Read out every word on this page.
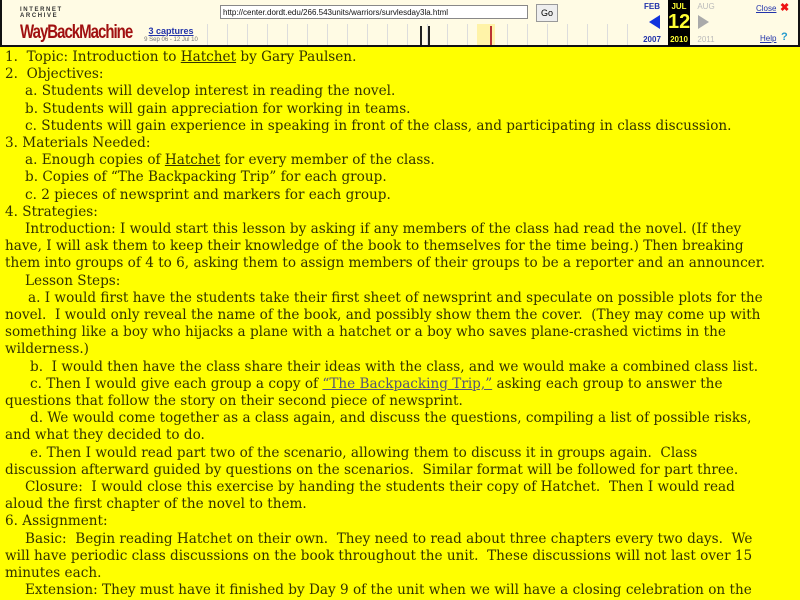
INTERNET ARCHIVE
WayBackMachine	3 captures
9 Sep 06 - 12 Jul 10
http://center.dordt.edu/266.543units/warriors/survlesday3la.html	Go
FEB
2007
JUL
12
2010
AUG
2011
Close ✖
Help ?
1.  Topic: Introduction to Hatchet by Gary Paulsen.
2.  Objectives:
a. Students will develop interest in reading the novel.
b. Students will gain appreciation for working in teams.
c. Students will gain experience in speaking in front of the class, and participating in class discussion.
3. Materials Needed:
a. Enough copies of Hatchet for every member of the class.
b. Copies of “The Backpacking Trip” for each group.
c. 2 pieces of newsprint and markers for each group.
4. Strategies:
Introduction: I would start this lesson by asking if any members of the class had read the novel. (If they
have, I will ask them to keep their knowledge of the book to themselves for the time being.) Then breaking
them into groups of 4 to 6, asking them to assign members of their groups to be a reporter and an announcer.
Lesson Steps:
a. I would first have the students take their first sheet of newsprint and speculate on possible plots for the
novel.  I would only reveal the name of the book, and possibly show them the cover.  (They may come up with
something like a boy who hijacks a plane with a hatchet or a boy who saves plane-crashed victims in the
wilderness.)
b.  I would then have the class share their ideas with the class, and we would make a combined class list.
c. Then I would give each group a copy of “The Backpacking Trip,” asking each group to answer the
questions that follow the story on their second piece of newsprint.
d. We would come together as a class again, and discuss the questions, compiling a list of possible risks,
and what they decided to do.
e. Then I would read part two of the scenario, allowing them to discuss it in groups again.  Class
discussion afterward guided by questions on the scenarios.  Similar format will be followed for part three.
Closure:  I would close this exercise by handing the students their copy of Hatchet.  Then I would read
aloud the first chapter of the novel to them.
6. Assignment:
Basic:  Begin reading Hatchet on their own.  They need to read about three chapters every two days.  We
will have periodic class discussions on the book throughout the unit.  These discussions will not last over 15
minutes each.
Extension: They must have it finished by Day 9 of the unit when we will have a closing celebration on the
